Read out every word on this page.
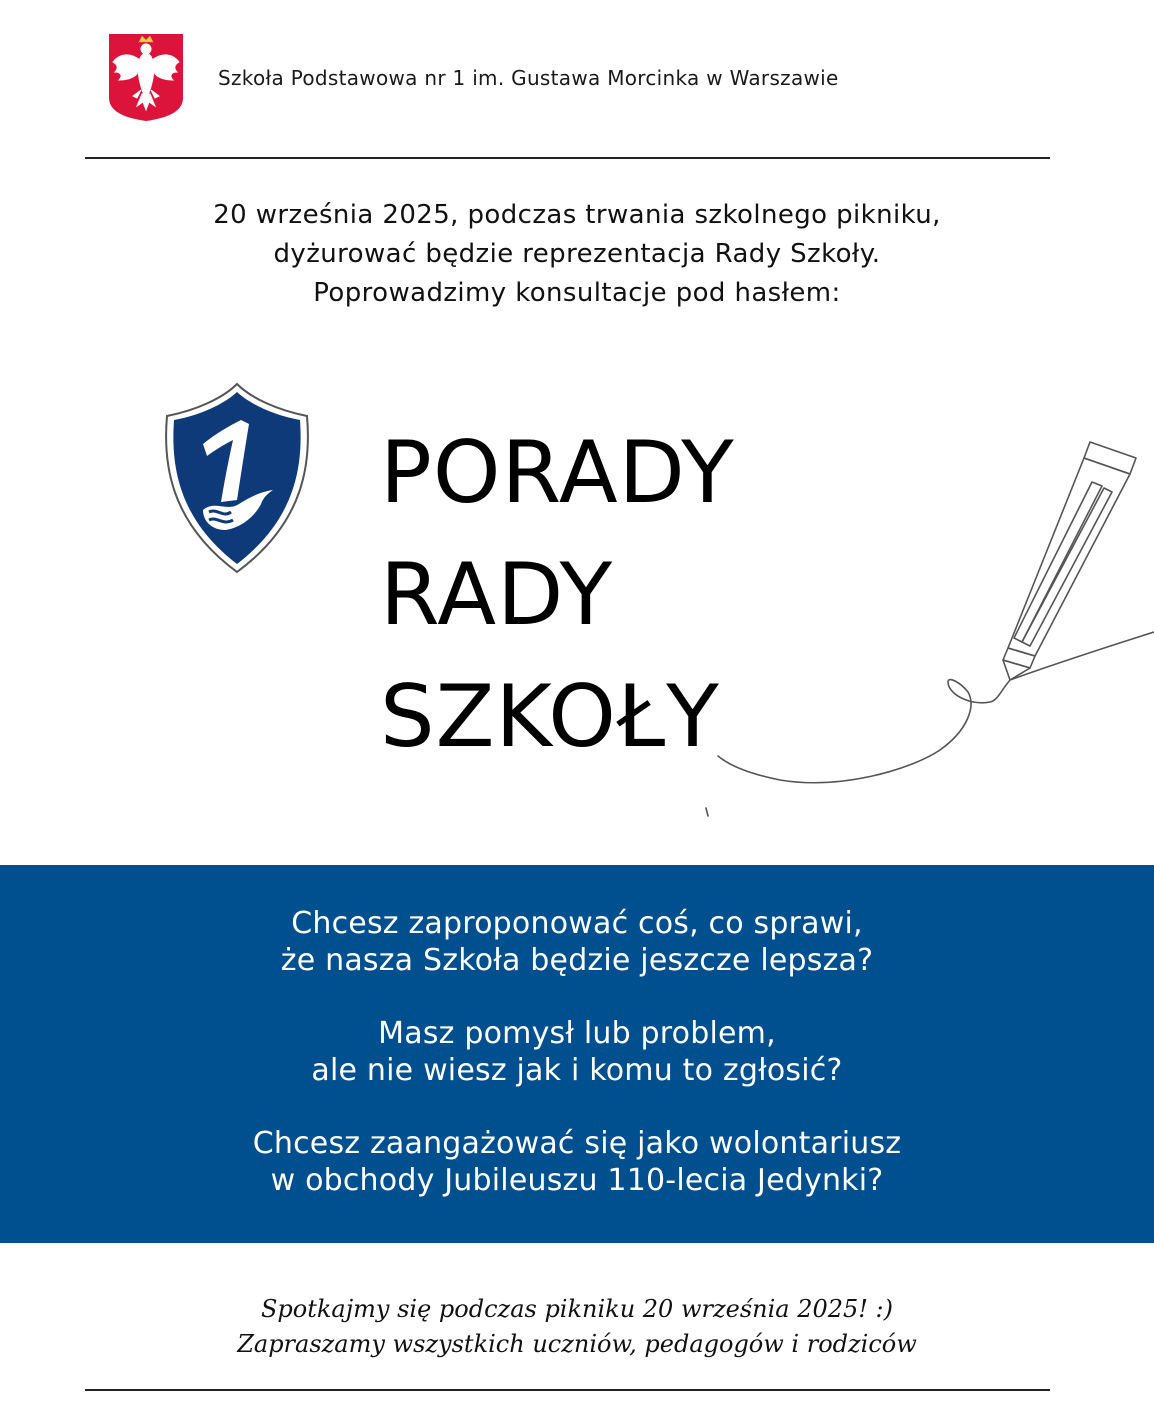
Szkoła Podstawowa nr 1 im. Gustawa Morcinka w Warszawie
20 września 2025, podczas trwania szkolnego pikniku,
dyżurować będzie reprezentacja Rady Szkoły.
Poprowadzimy konsultacje pod hasłem:
PORADY
RADY
SZKOŁY
Chcesz zaproponować coś, co sprawi,
że nasza Szkoła będzie jeszcze lepsza?
Masz pomysł lub problem,
ale nie wiesz jak i komu to zgłosić?
Chcesz zaangażować się jako wolontariusz
w obchody Jubileuszu 110-lecia Jedynki?
Spotkajmy się podczas pikniku 20 września 2025! :)
Zapraszamy wszystkich uczniów, pedagogów i rodziców
